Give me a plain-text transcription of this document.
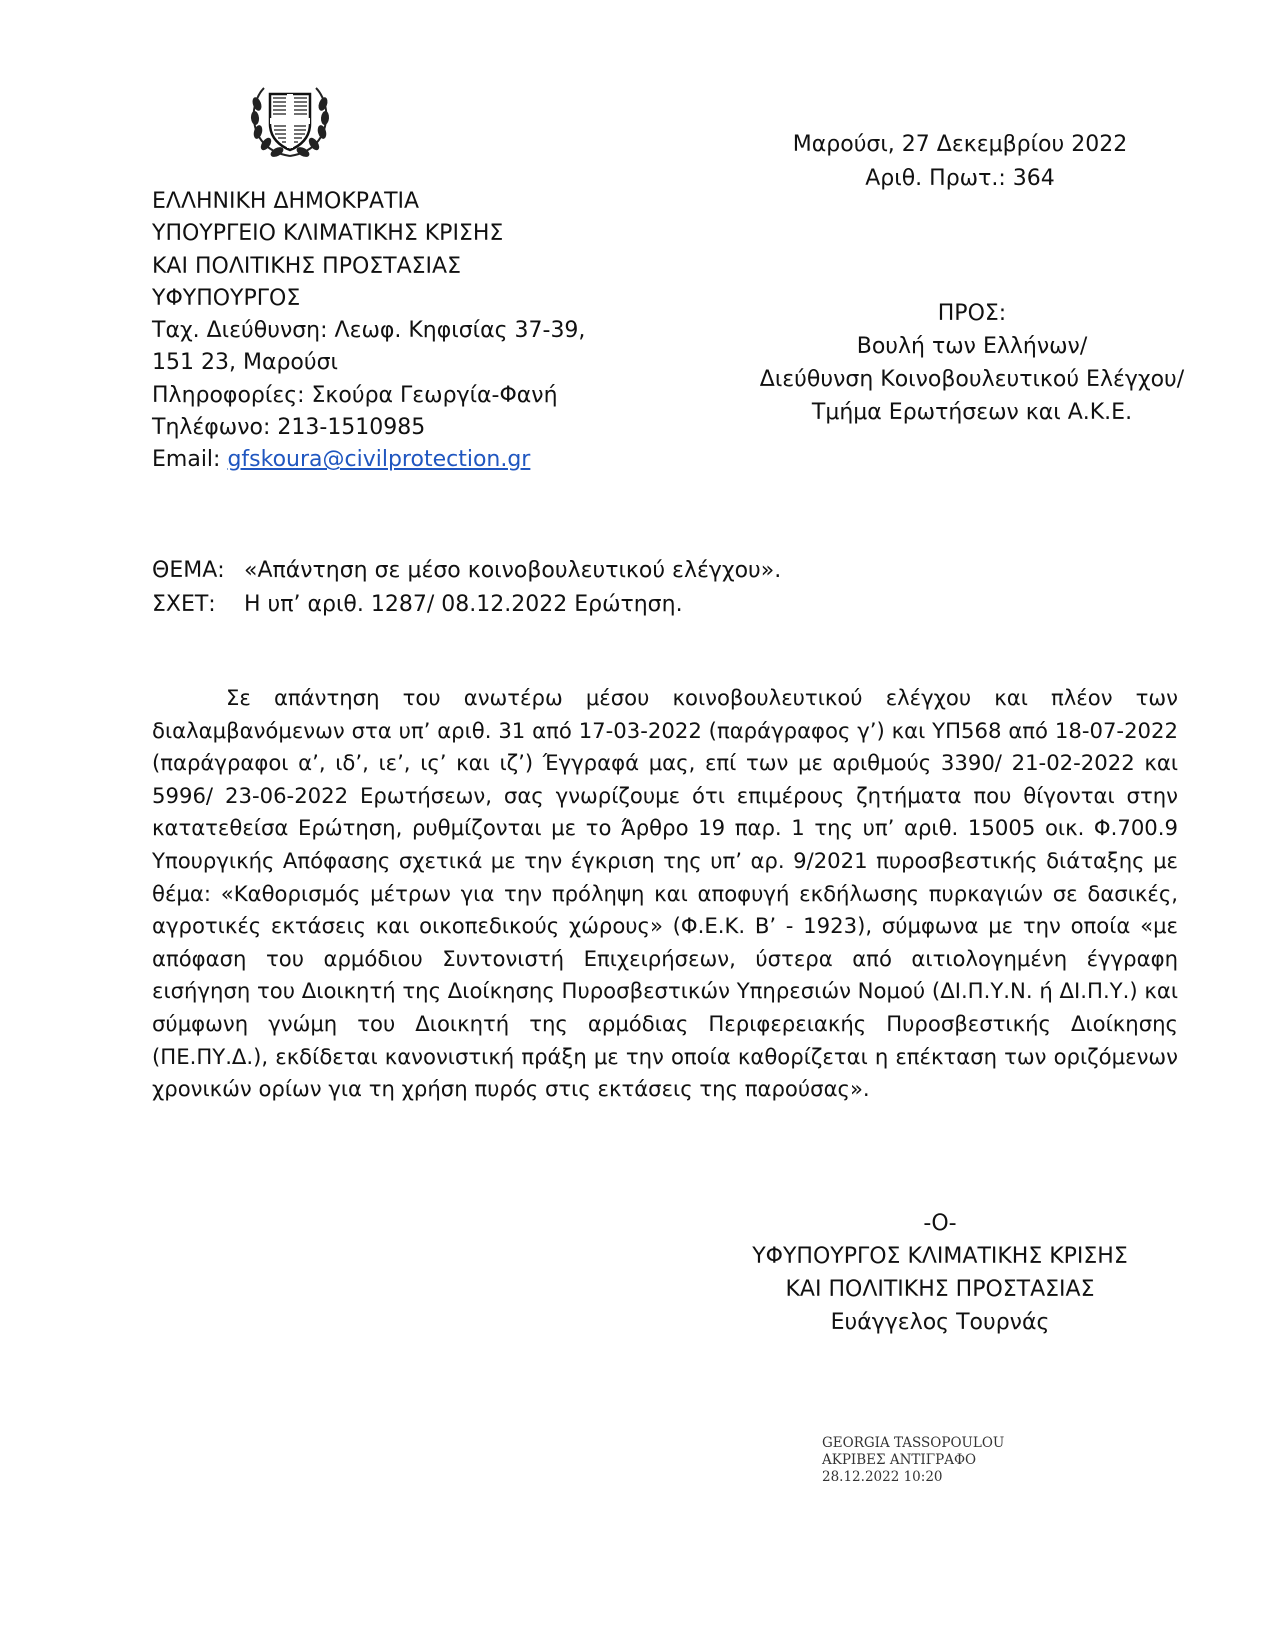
Μαρούσι, 27 Δεκεμβρίου 2022
Αριθ. Πρωτ.: 364
ΕΛΛΗΝΙΚΗ ΔΗΜΟΚΡΑΤΙΑ
ΥΠΟΥΡΓΕΙΟ ΚΛΙΜΑΤΙΚΗΣ ΚΡΙΣΗΣ
ΚΑΙ ΠΟΛΙΤΙΚΗΣ ΠΡΟΣΤΑΣΙΑΣ
ΥΦΥΠΟΥΡΓΟΣ
Ταχ. Διεύθυνση: Λεωφ. Κηφισίας 37-39,
151 23, Μαρούσι
Πληροφορίες: Σκούρα Γεωργία-Φανή
Τηλέφωνο: 213-1510985
Email: gfskoura@civilprotection.gr
ΠΡΟΣ:
Βουλή των Ελλήνων/
Διεύθυνση Κοινοβουλευτικού Ελέγχου/
Τμήμα Ερωτήσεων και Α.Κ.Ε.
ΘΕΜΑ: «Απάντηση σε μέσο κοινοβουλευτικού ελέγχου».
ΣΧΕΤ: Η υπ’ αριθ. 1287/ 08.12.2022 Ερώτηση.
Σε απάντηση του ανωτέρω μέσου κοινοβουλευτικού ελέγχου και πλέον των διαλαμβανόμενων στα υπ’ αριθ. 31 από 17-03-2022 (παράγραφος γ’) και ΥΠ568 από 18-07-2022 (παράγραφοι α’, ιδ’, ιε’, ις’ και ιζ’) Έγγραφά μας, επί των με αριθμούς 3390/ 21-02-2022 και 5996/ 23-06-2022 Ερωτήσεων, σας γνωρίζουμε ότι επιμέρους ζητήματα που θίγονται στην κατατεθείσα Ερώτηση, ρυθμίζονται με το Άρθρο 19 παρ. 1 της υπ’ αριθ. 15005 οικ. Φ.700.9 Υπουργικής Απόφασης σχετικά με την έγκριση της υπ’ αρ. 9/2021 πυροσβεστικής διάταξης με θέμα: «Καθορισμός μέτρων για την πρόληψη και αποφυγή εκδήλωσης πυρκαγιών σε δασικές, αγροτικές εκτάσεις και οικοπεδικούς χώρους» (Φ.Ε.Κ. Β’ - 1923), σύμφωνα με την οποία «με απόφαση του αρμόδιου Συντονιστή Επιχειρήσεων, ύστερα από αιτιολογημένη έγγραφη εισήγηση του Διοικητή της Διοίκησης Πυροσβεστικών Υπηρεσιών Νομού (ΔΙ.Π.Υ.Ν. ή ΔΙ.Π.Υ.) και σύμφωνη γνώμη του Διοικητή της αρμόδιας Περιφερειακής Πυροσβεστικής Διοίκησης (ΠΕ.ΠΥ.Δ.), εκδίδεται κανονιστική πράξη με την οποία καθορίζεται η επέκταση των οριζόμενων χρονικών ορίων για τη χρήση πυρός στις εκτάσεις της παρούσας».
-Ο-
ΥΦΥΠΟΥΡΓΟΣ ΚΛΙΜΑΤΙΚΗΣ ΚΡΙΣΗΣ
ΚΑΙ ΠΟΛΙΤΙΚΗΣ ΠΡΟΣΤΑΣΙΑΣ
Ευάγγελος Τουρνάς
GEORGIA TASSOPOULOU
ΑΚΡΙΒΕΣ ΑΝΤΙΓΡΑΦΟ
28.12.2022 10:20
